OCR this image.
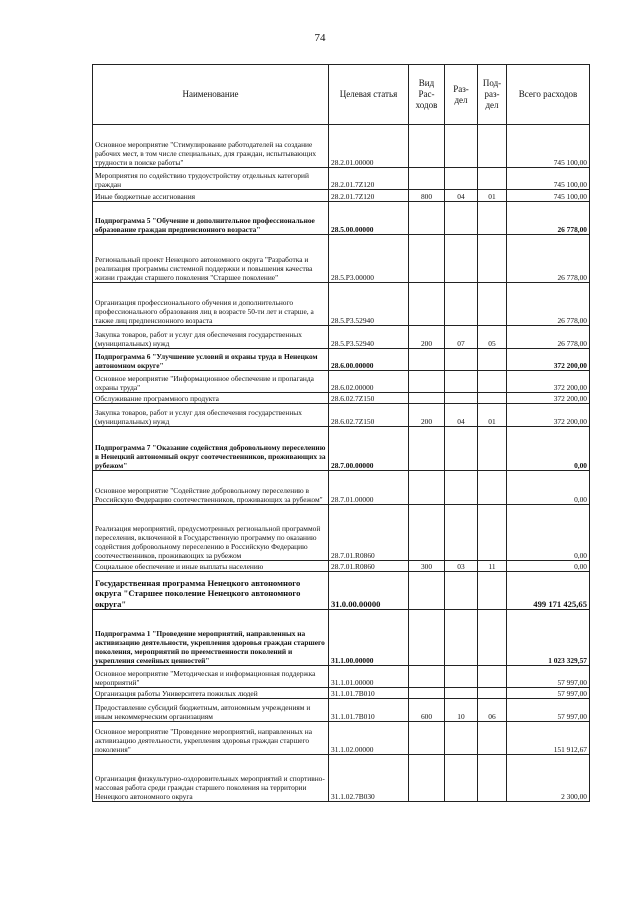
74
Наименование	Целевая статья	Вид Рас- ходов	Раз- дел	Под- раз- дел	Всего расходов
Основное мероприятие "Стимулирование работодателей на создание рабочих мест, в том числе специальных, для граждан, испытывающих трудности в поиске работы"	28.2.01.00000				745 100,00
Мероприятия по содействию трудоустройству отдельных категорий граждан	28.2.01.7Z120				745 100,00
Иные бюджетные ассигнования	28.2.01.7Z120	800	04	01	745 100,00
Подпрограмма 5 "Обучение и дополнительное профессиональное образование граждан предпенсионного возраста"	28.5.00.00000				26 778,00
Региональный проект Ненецкого автономного округа "Разработка и реализация программы системной поддержки и повышения качества жизни граждан старшего поколения "Старшее поколение"	28.5.P3.00000				26 778,00
Организация профессионального обучения и дополнительного профессионального образования лиц в возрасте 50-ти лет и старше, а также лиц предпенсионного возраста	28.5.P3.52940				26 778,00
Закупка товаров, работ и услуг для обеспечения государственных (муниципальных) нужд	28.5.P3.52940	200	07	05	26 778,00
Подпрограмма 6 "Улучшение условий и охраны труда в Ненецком автономном округе"	28.6.00.00000				372 200,00
Основное мероприятие "Информационное обеспечение и пропаганда охраны труда"	28.6.02.00000				372 200,00
Обслуживание программного продукта	28.6.02.7Z150				372 200,00
Закупка товаров, работ и услуг для обеспечения государственных (муниципальных) нужд	28.6.02.7Z150	200	04	01	372 200,00
Подпрограмма 7 "Оказание содействия добровольному переселению в Ненецкий автономный округ соотечественников, проживающих за рубежом"	28.7.00.00000				0,00
Основное мероприятие "Содействие добровольному переселению в Российскую Федерацию соотечественников, проживающих за рубежом"	28.7.01.00000				0,00
Реализация мероприятий, предусмотренных региональной программой переселения, включенной в Государственную программу по оказанию содействия добровольному переселению в Российскую Федерацию соотечественников, проживающих за рубежом	28.7.01.R0860				0,00
Социальное обеспечение и иные выплаты населению	28.7.01.R0860	300	03	11	0,00
Государственная программа Ненецкого автономного округа "Старшее поколение Ненецкого автономного округа"	31.0.00.00000				499 171 425,65
Подпрограмма 1 "Проведение мероприятий, направленных на активизацию деятельности, укрепления здоровья граждан старшего поколения, мероприятий по преемственности поколений и укрепления семейных ценностей"	31.1.00.00000				1 023 329,57
Основное мероприятие "Методическая и информационная поддержка мероприятий"	31.1.01.00000				57 997,00
Организация работы Университета пожилых людей	31.1.01.7B010				57 997,00
Предоставление субсидий бюджетным, автономным учреждениям и иным некоммерческим организациям	31.1.01.7B010	600	10	06	57 997,00
Основное мероприятие "Проведение мероприятий, направленных на активизацию деятельности, укрепления здоровья граждан старшего поколения"	31.1.02.00000				151 912,67
Организация физкультурно-оздоровительных мероприятий и спортивно-массовая работа среди граждан старшего поколения на территории Ненецкого автономного округа	31.1.02.7B030				2 300,00
